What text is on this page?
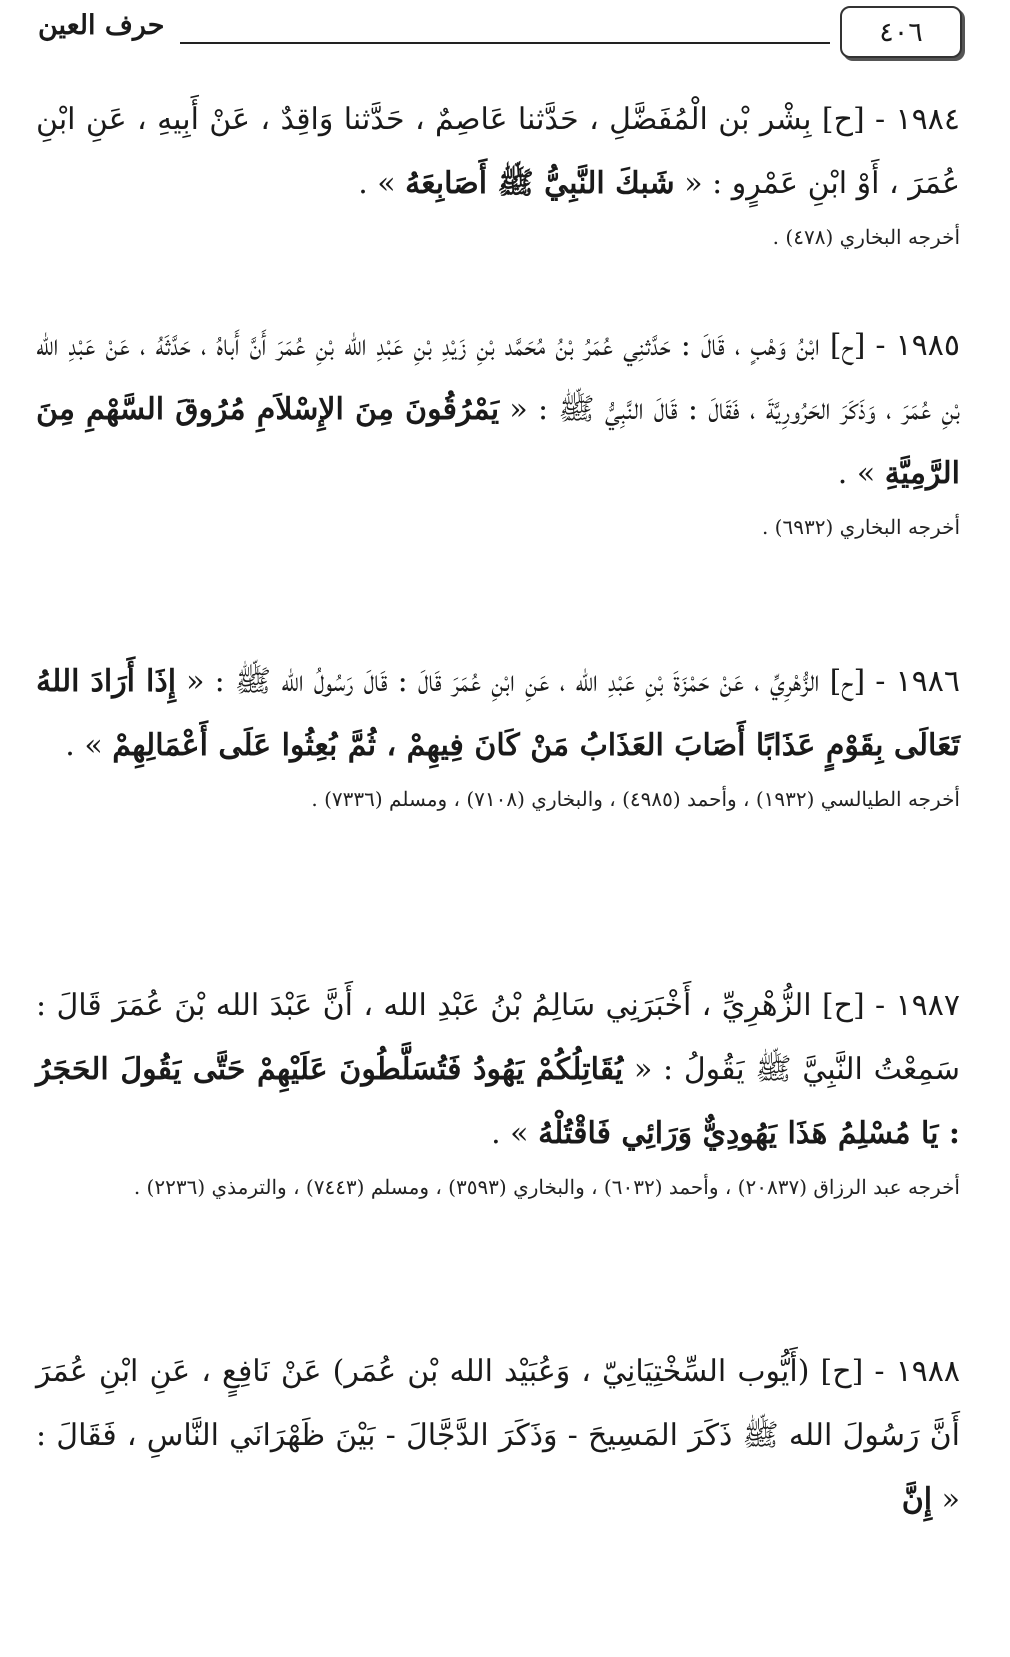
٤٠٦
حرف العين

١٩٨٤ - [ح] بِشْر بْن الْمُفَضَّلِ ، حَدَّثنا عَاصِمٌ ، حَدَّثنا وَاقِدٌ ، عَنْ أَبِيهِ ، عَنِ ابْنِ عُمَرَ ، أَوْ ابْنِ عَمْرٍو : « شَبكَ النَّبِيُّ ﷺ أَصَابِعَهُ » .

أخرجه البخاري (٤٧٨) .

١٩٨٥ - [ح] ابْنُ وَهْبٍ ، قَالَ : حَدَّثنِي عُمَرُ بْنُ مُحَمَّد بْنِ زَيْدِ بْنِ عَبْدِ الله بْنِ عُمَرَ أَنَّ أَباهُ ، حَدَّثَهُ ، عَنْ عَبْدِ الله بْنِ عُمَرَ ، وَذَكَرَ الحَرُورِيَّةَ ، فَقَالَ : قَالَ النَّبِيُّ ﷺ : « يَمْرُقُونَ مِنَ الإِسْلاَمِ مُرُوقَ السَّهْمِ مِنَ الرَّمِيَّةِ » .

أخرجه البخاري (٦٩٣٢) .

١٩٨٦ - [ح] الزُّهْرِيِّ ، عَنْ حَمْزَةَ بْنِ عَبْدِ الله ، عَنِ ابْنِ عُمَرَ قَالَ : قَالَ رَسُولُ الله ﷺ : « إِذَا أَرَادَ اللهُ تَعَالَى بِقَوْمٍ عَذَابًا أَصَابَ العَذَابُ مَنْ كَانَ فِيهِمْ ، ثُمَّ بُعِثُوا عَلَى أَعْمَالِهِمْ » .

أخرجه الطيالسي (١٩٣٢) ، وأحمد (٤٩٨٥) ، والبخاري (٧١٠٨) ، ومسلم (٧٣٣٦) .

١٩٨٧ - [ح] الزُّهْرِيِّ ، أَخْبَرَنِي سَالِمُ بْنُ عَبْدِ الله ، أَنَّ عَبْدَ الله بْنَ عُمَرَ قَالَ : سَمِعْتُ النَّبِيَّ ﷺ يَقُولُ : « يُقَاتِلُكُمْ يَهُودُ فَتُسَلَّطُونَ عَلَيْهِمْ حَتَّى يَقُولَ الحَجَرُ : يَا مُسْلِمُ هَذَا يَهُودِيٌّ وَرَائِي فَاقْتُلْهُ » .

أخرجه عبد الرزاق (٢٠٨٣٧) ، وأحمد (٦٠٣٢) ، والبخاري (٣٥٩٣) ، ومسلم (٧٤٤٣) ، والترمذي (٢٢٣٦) .

١٩٨٨ - [ح] (أَيُّوب السِّخْتِيَانِيّ ، وَعُبَيْد الله بْن عُمَر) عَنْ نَافِعٍ ، عَنِ ابْنِ عُمَرَ أَنَّ رَسُولَ الله ﷺ ذَكَرَ المَسِيحَ - وَذَكَرَ الدَّجَّالَ - بَيْنَ ظَهْرَانَي النَّاسِ ، فَقَالَ : « إِنَّ
